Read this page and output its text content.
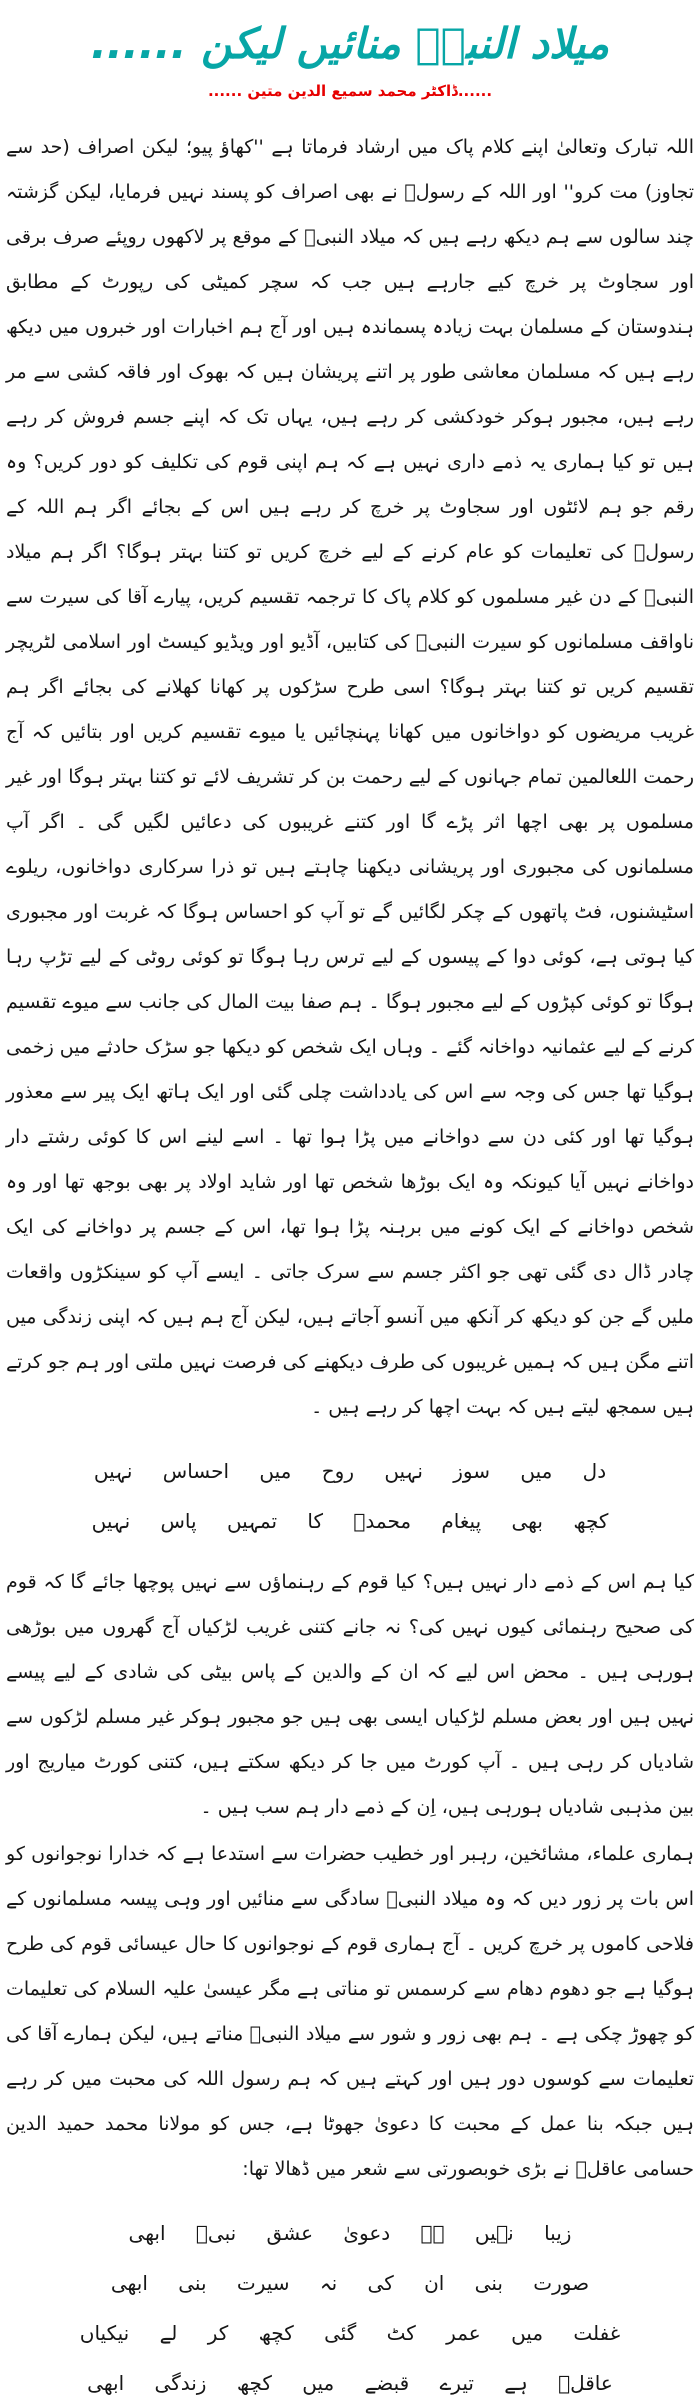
میلاد النبیؐ منائیں لیکن ......
......ڈاکٹر محمد سمیع الدین متین ......

اللہ تبارک وتعالیٰ اپنے کلام پاک میں ارشاد فرماتا ہے ''کھاؤ پیو؛ لیکن اصراف (حد سے تجاوز) مت کرو'' اور اللہ کے رسولؐ نے بھی اصراف کو پسند نہیں فرمایا، لیکن گزشتہ چند سالوں سے ہم دیکھ رہے ہیں کہ میلاد النبیؐ کے موقع پر لاکھوں روپئے صرف برقی اور سجاوٹ پر خرچ کیے جارہے ہیں جب کہ سچر کمیٹی کی رپورٹ کے مطابق ہندوستان کے مسلمان بہت زیادہ پسماندہ ہیں اور آج ہم اخبارات اور خبروں میں دیکھ رہے ہیں کہ مسلمان معاشی طور پر اتنے پریشان ہیں کہ بھوک اور فاقہ کشی سے مر رہے ہیں، مجبور ہوکر خودکشی کر رہے ہیں، یہاں تک کہ اپنے جسم فروش کر رہے ہیں تو کیا ہماری یہ ذمے داری نہیں ہے کہ ہم اپنی قوم کی تکلیف کو دور کریں؟ وہ رقم جو ہم لائٹوں اور سجاوٹ پر خرچ کر رہے ہیں اس کے بجائے اگر ہم اللہ کے رسولؐ کی تعلیمات کو عام کرنے کے لیے خرچ کریں تو کتنا بہتر ہوگا؟ اگر ہم میلاد النبیؐ کے دن غیر مسلموں کو کلام پاک کا ترجمہ تقسیم کریں، پیارے آقا کی سیرت سے ناواقف مسلمانوں کو سیرت النبیؐ کی کتابیں، آڈیو اور ویڈیو کیسٹ اور اسلامی لٹریچر تقسیم کریں تو کتنا بہتر ہوگا؟ اسی طرح سڑکوں پر کھانا کھلانے کی بجائے اگر ہم غریب مریضوں کو دواخانوں میں کھانا پہنچائیں یا میوے تقسیم کریں اور بتائیں کہ آج رحمت اللعالمین تمام جہانوں کے لیے رحمت بن کر تشریف لائے تو کتنا بہتر ہوگا اور غیر مسلموں پر بھی اچھا اثر پڑے گا اور کتنے غریبوں کی دعائیں لگیں گی ۔ اگر آپ مسلمانوں کی مجبوری اور پریشانی دیکھنا چاہتے ہیں تو ذرا سرکاری دواخانوں، ریلوے اسٹیشنوں، فٹ پاتھوں کے چکر لگائیں گے تو آپ کو احساس ہوگا کہ غربت اور مجبوری کیا ہوتی ہے، کوئی دوا کے پیسوں کے لیے ترس رہا ہوگا تو کوئی روٹی کے لیے تڑپ رہا ہوگا تو کوئی کپڑوں کے لیے مجبور ہوگا ۔ ہم صفا بیت المال کی جانب سے میوے تقسیم کرنے کے لیے عثمانیہ دواخانہ گئے ۔ وہاں ایک شخص کو دیکھا جو سڑک حادثے میں زخمی ہوگیا تھا جس کی وجہ سے اس کی یادداشت چلی گئی اور ایک ہاتھ ایک پیر سے معذور ہوگیا تھا اور کئی دن سے دواخانے میں پڑا ہوا تھا ۔ اسے لینے اس کا کوئی رشتے دار دواخانے نہیں آیا کیونکہ وہ ایک بوڑھا شخص تھا اور شاید اولاد پر بھی بوجھ تھا اور وہ شخص دواخانے کے ایک کونے میں برہنہ پڑا ہوا تھا، اس کے جسم پر دواخانے کی ایک چادر ڈال دی گئی تھی جو اکثر جسم سے سرک جاتی ۔ ایسے آپ کو سینکڑوں واقعات ملیں گے جن کو دیکھ کر آنکھ میں آنسو آجاتے ہیں، لیکن آج ہم ہیں کہ اپنی زندگی میں اتنے مگن ہیں کہ ہمیں غریبوں کی طرف دیکھنے کی فرصت نہیں ملتی اور ہم جو کرتے ہیں سمجھ لیتے ہیں کہ بہت اچھا کر رہے ہیں ۔

دل میں سوز نہیں روح میں احساس نہیں
کچھ بھی پیغام محمدؐ کا تمہیں پاس نہیں

کیا ہم اس کے ذمے دار نہیں ہیں؟ کیا قوم کے رہنماؤں سے نہیں پوچھا جائے گا کہ قوم کی صحیح رہنمائی کیوں نہیں کی؟ نہ جانے کتنی غریب لڑکیاں آج گھروں میں بوڑھی ہورہی ہیں ۔ محض اس لیے کہ ان کے والدین کے پاس بیٹی کی شادی کے لیے پیسے نہیں ہیں اور بعض مسلم لڑکیاں ایسی بھی ہیں جو مجبور ہوکر غیر مسلم لڑکوں سے شادیاں کر رہی ہیں ۔ آپ کورٹ میں جا کر دیکھ سکتے ہیں، کتنی کورٹ میاریج اور بین مذہبی شادیاں ہورہی ہیں، اِن کے ذمے دار ہم سب ہیں ۔

ہماری علماء، مشائخین، رہبر اور خطیب حضرات سے استدعا ہے کہ خدارا نوجوانوں کو اس بات پر زور دیں کہ وہ میلاد النبیؐ سادگی سے منائیں اور وہی پیسہ مسلمانوں کے فلاحی کاموں پر خرچ کریں ۔ آج ہماری قوم کے نوجوانوں کا حال عیسائی قوم کی طرح ہوگیا ہے جو دھوم دھام سے کرسمس تو مناتی ہے مگر عیسیٰ علیہ السلام کی تعلیمات کو چھوڑ چکی ہے ۔ ہم بھی زور و شور سے میلاد النبیؐ مناتے ہیں، لیکن ہمارے آقا کی تعلیمات سے کوسوں دور ہیں اور کہتے ہیں کہ ہم رسول اللہ کی محبت میں کر رہے ہیں جبکہ بنا عمل کے محبت کا دعویٰ جھوٹا ہے، جس کو مولانا محمد حمید الدین حسامی عاقلؔ نے بڑی خوبصورتی سے شعر میں ڈھالا تھا:

زیبا نہیں ہے دعویٰ عشق نبیؐ ابھی
صورت بنی ان کی نہ سیرت بنی ابھی
غفلت میں عمر کٹ گئی کچھ کر لے نیکیاں
عاقلؔ ہے تیرے قبضے میں کچھ زندگی ابھی
